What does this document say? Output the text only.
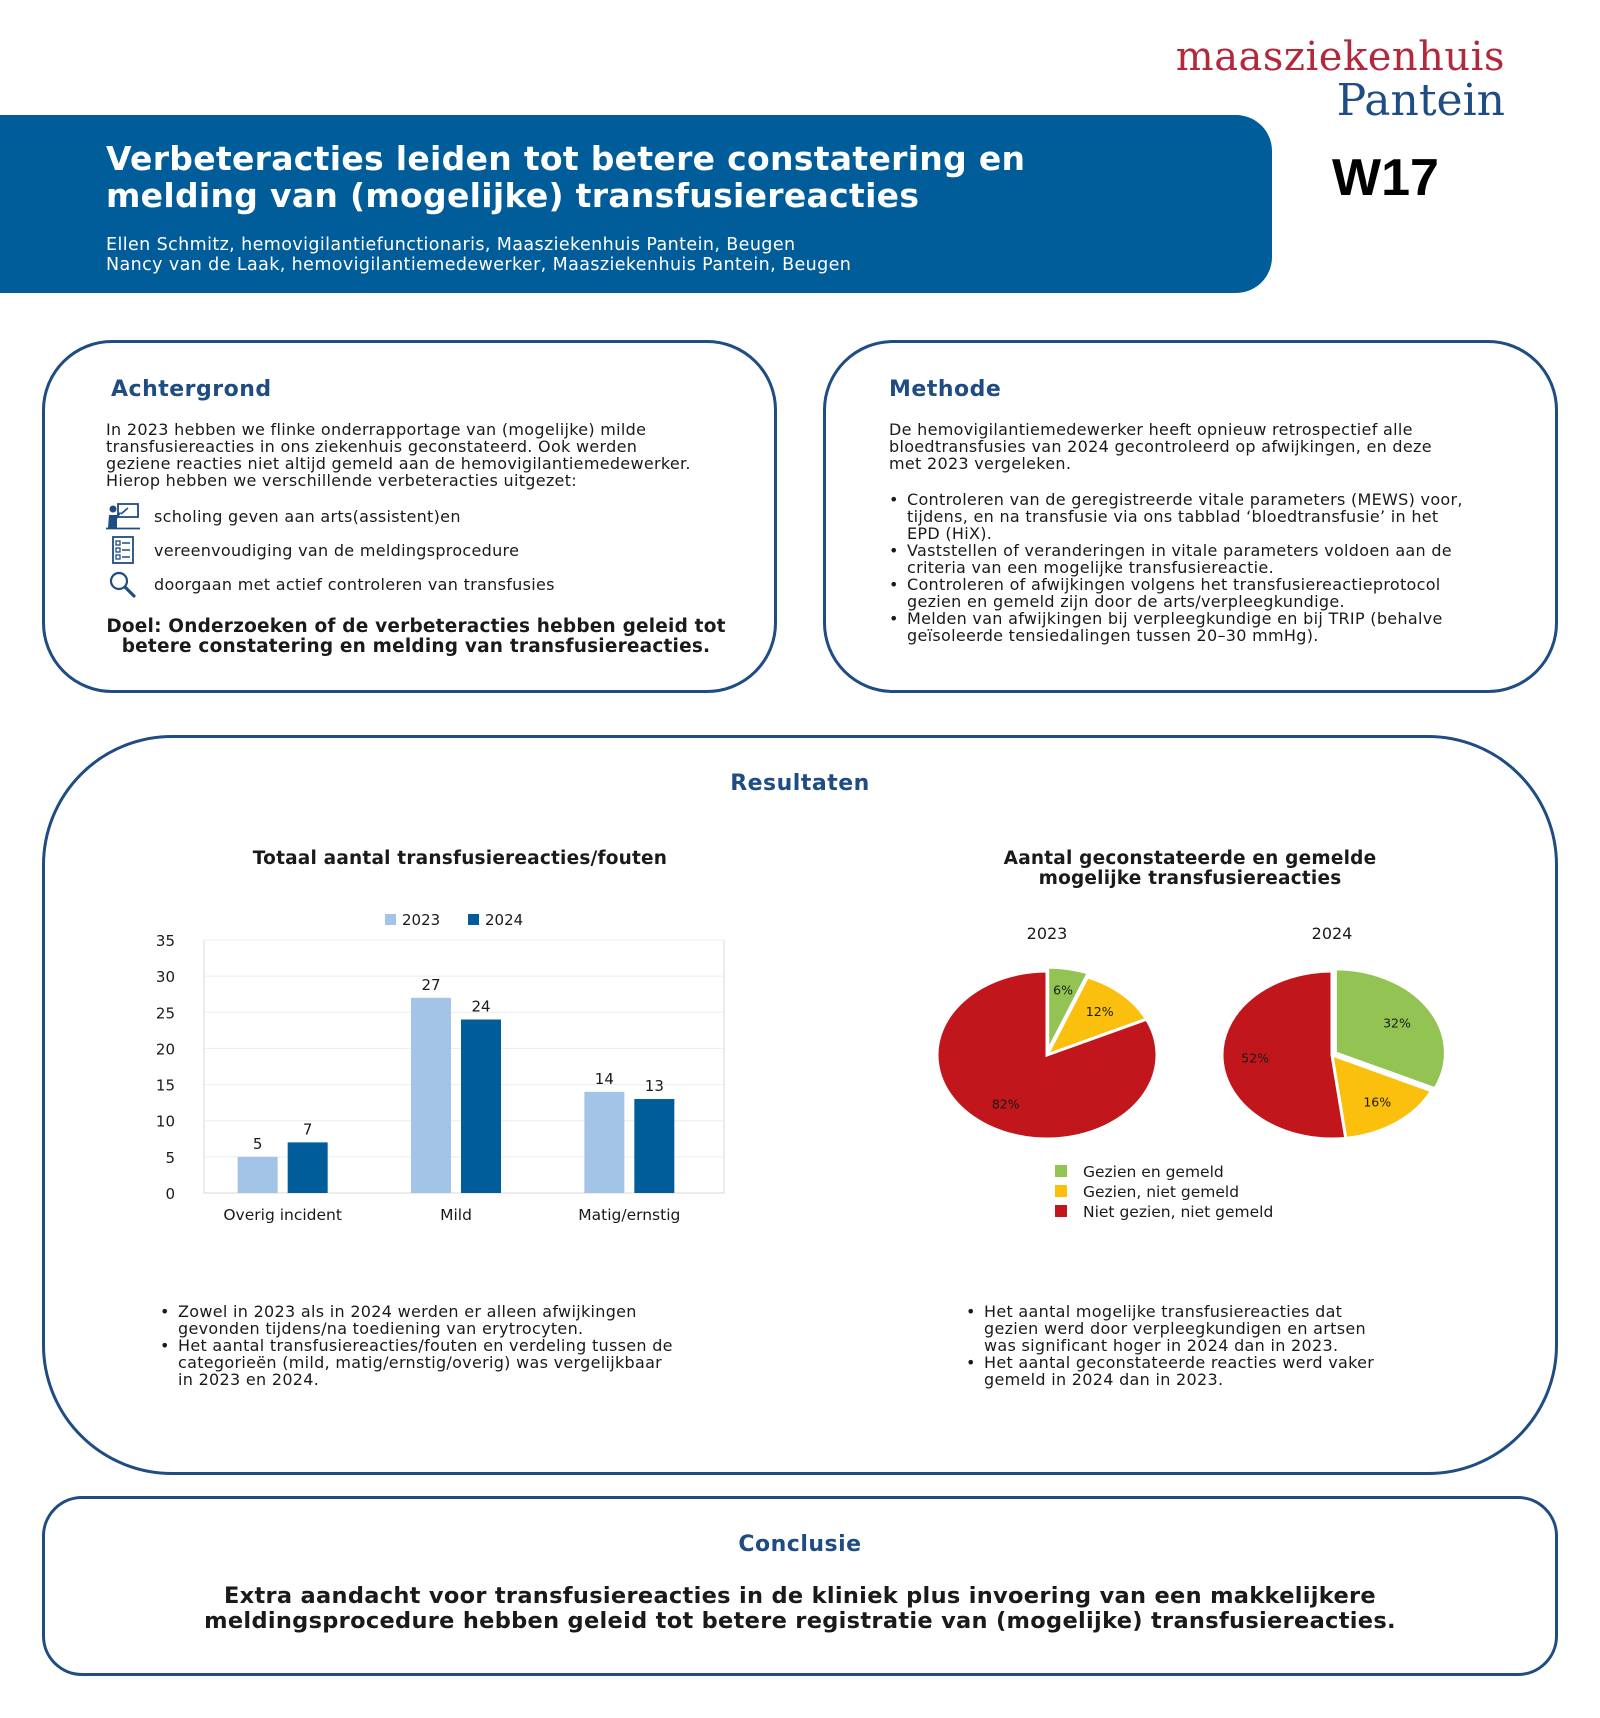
maasziekenhuis
Pantein
Verbeteracties leiden tot betere constatering en
melding van (mogelijke) transfusiereacties
Ellen Schmitz, hemovigilantiefunctionaris, Maasziekenhuis Pantein, Beugen
Nancy van de Laak, hemovigilantiemedewerker, Maasziekenhuis Pantein, Beugen
W17
Achtergrond
In 2023 hebben we flinke onderrapportage van (mogelijke) milde
transfusiereacties in ons ziekenhuis geconstateerd. Ook werden
geziene reacties niet altijd gemeld aan de hemovigilantiemedewerker.
Hierop hebben we verschillende verbeteracties uitgezet:
scholing geven aan arts(assistent)en
vereenvoudiging van de meldingsprocedure
doorgaan met actief controleren van transfusies
Doel: Onderzoeken of de verbeteracties hebben geleid tot
betere constatering en melding van transfusiereacties.
Methode
De hemovigilantiemedewerker heeft opnieuw retrospectief alle
bloedtransfusies van 2024 gecontroleerd op afwijkingen, en deze
met 2023 vergeleken.
• Controleren van de geregistreerde vitale parameters (MEWS) voor,
tijdens, en na transfusie via ons tabblad ‘bloedtransfusie’ in het
EPD (HiX).
• Vaststellen of veranderingen in vitale parameters voldoen aan de
criteria van een mogelijke transfusiereactie.
• Controleren of afwijkingen volgens het transfusiereactieprotocol
gezien en gemeld zijn door de arts/verpleegkundige.
• Melden van afwijkingen bij verpleegkundige en bij TRIP (behalve
geïsoleerde tensiedalingen tussen 20–30 mmHg).
Resultaten
Totaal aantal transfusiereacties/fouten
0
5
10
15
20
25
30
35
2023	2024
5
7
Overig incident
27
24
Mild
14 13
Matig/ernstig
Aantal geconstateerde en gemelde
mogelijke transfusiereacties
2023
6%
12%
82%
2024
32%
16%
52%
Gezien en gemeld
Gezien, niet gemeld
Niet gezien, niet gemeld
• Zowel in 2023 als in 2024 werden er alleen afwijkingen
gevonden tijdens/na toediening van erytrocyten.
• Het aantal transfusiereacties/fouten en verdeling tussen de
categorieën (mild, matig/ernstig/overig) was vergelijkbaar
in 2023 en 2024.
• Het aantal mogelijke transfusiereacties dat
gezien werd door verpleegkundigen en artsen
was significant hoger in 2024 dan in 2023.
• Het aantal geconstateerde reacties werd vaker
gemeld in 2024 dan in 2023.
Conclusie
Extra aandacht voor transfusiereacties in de kliniek plus invoering van een makkelijkere
meldingsprocedure hebben geleid tot betere registratie van (mogelijke) transfusiereacties.
